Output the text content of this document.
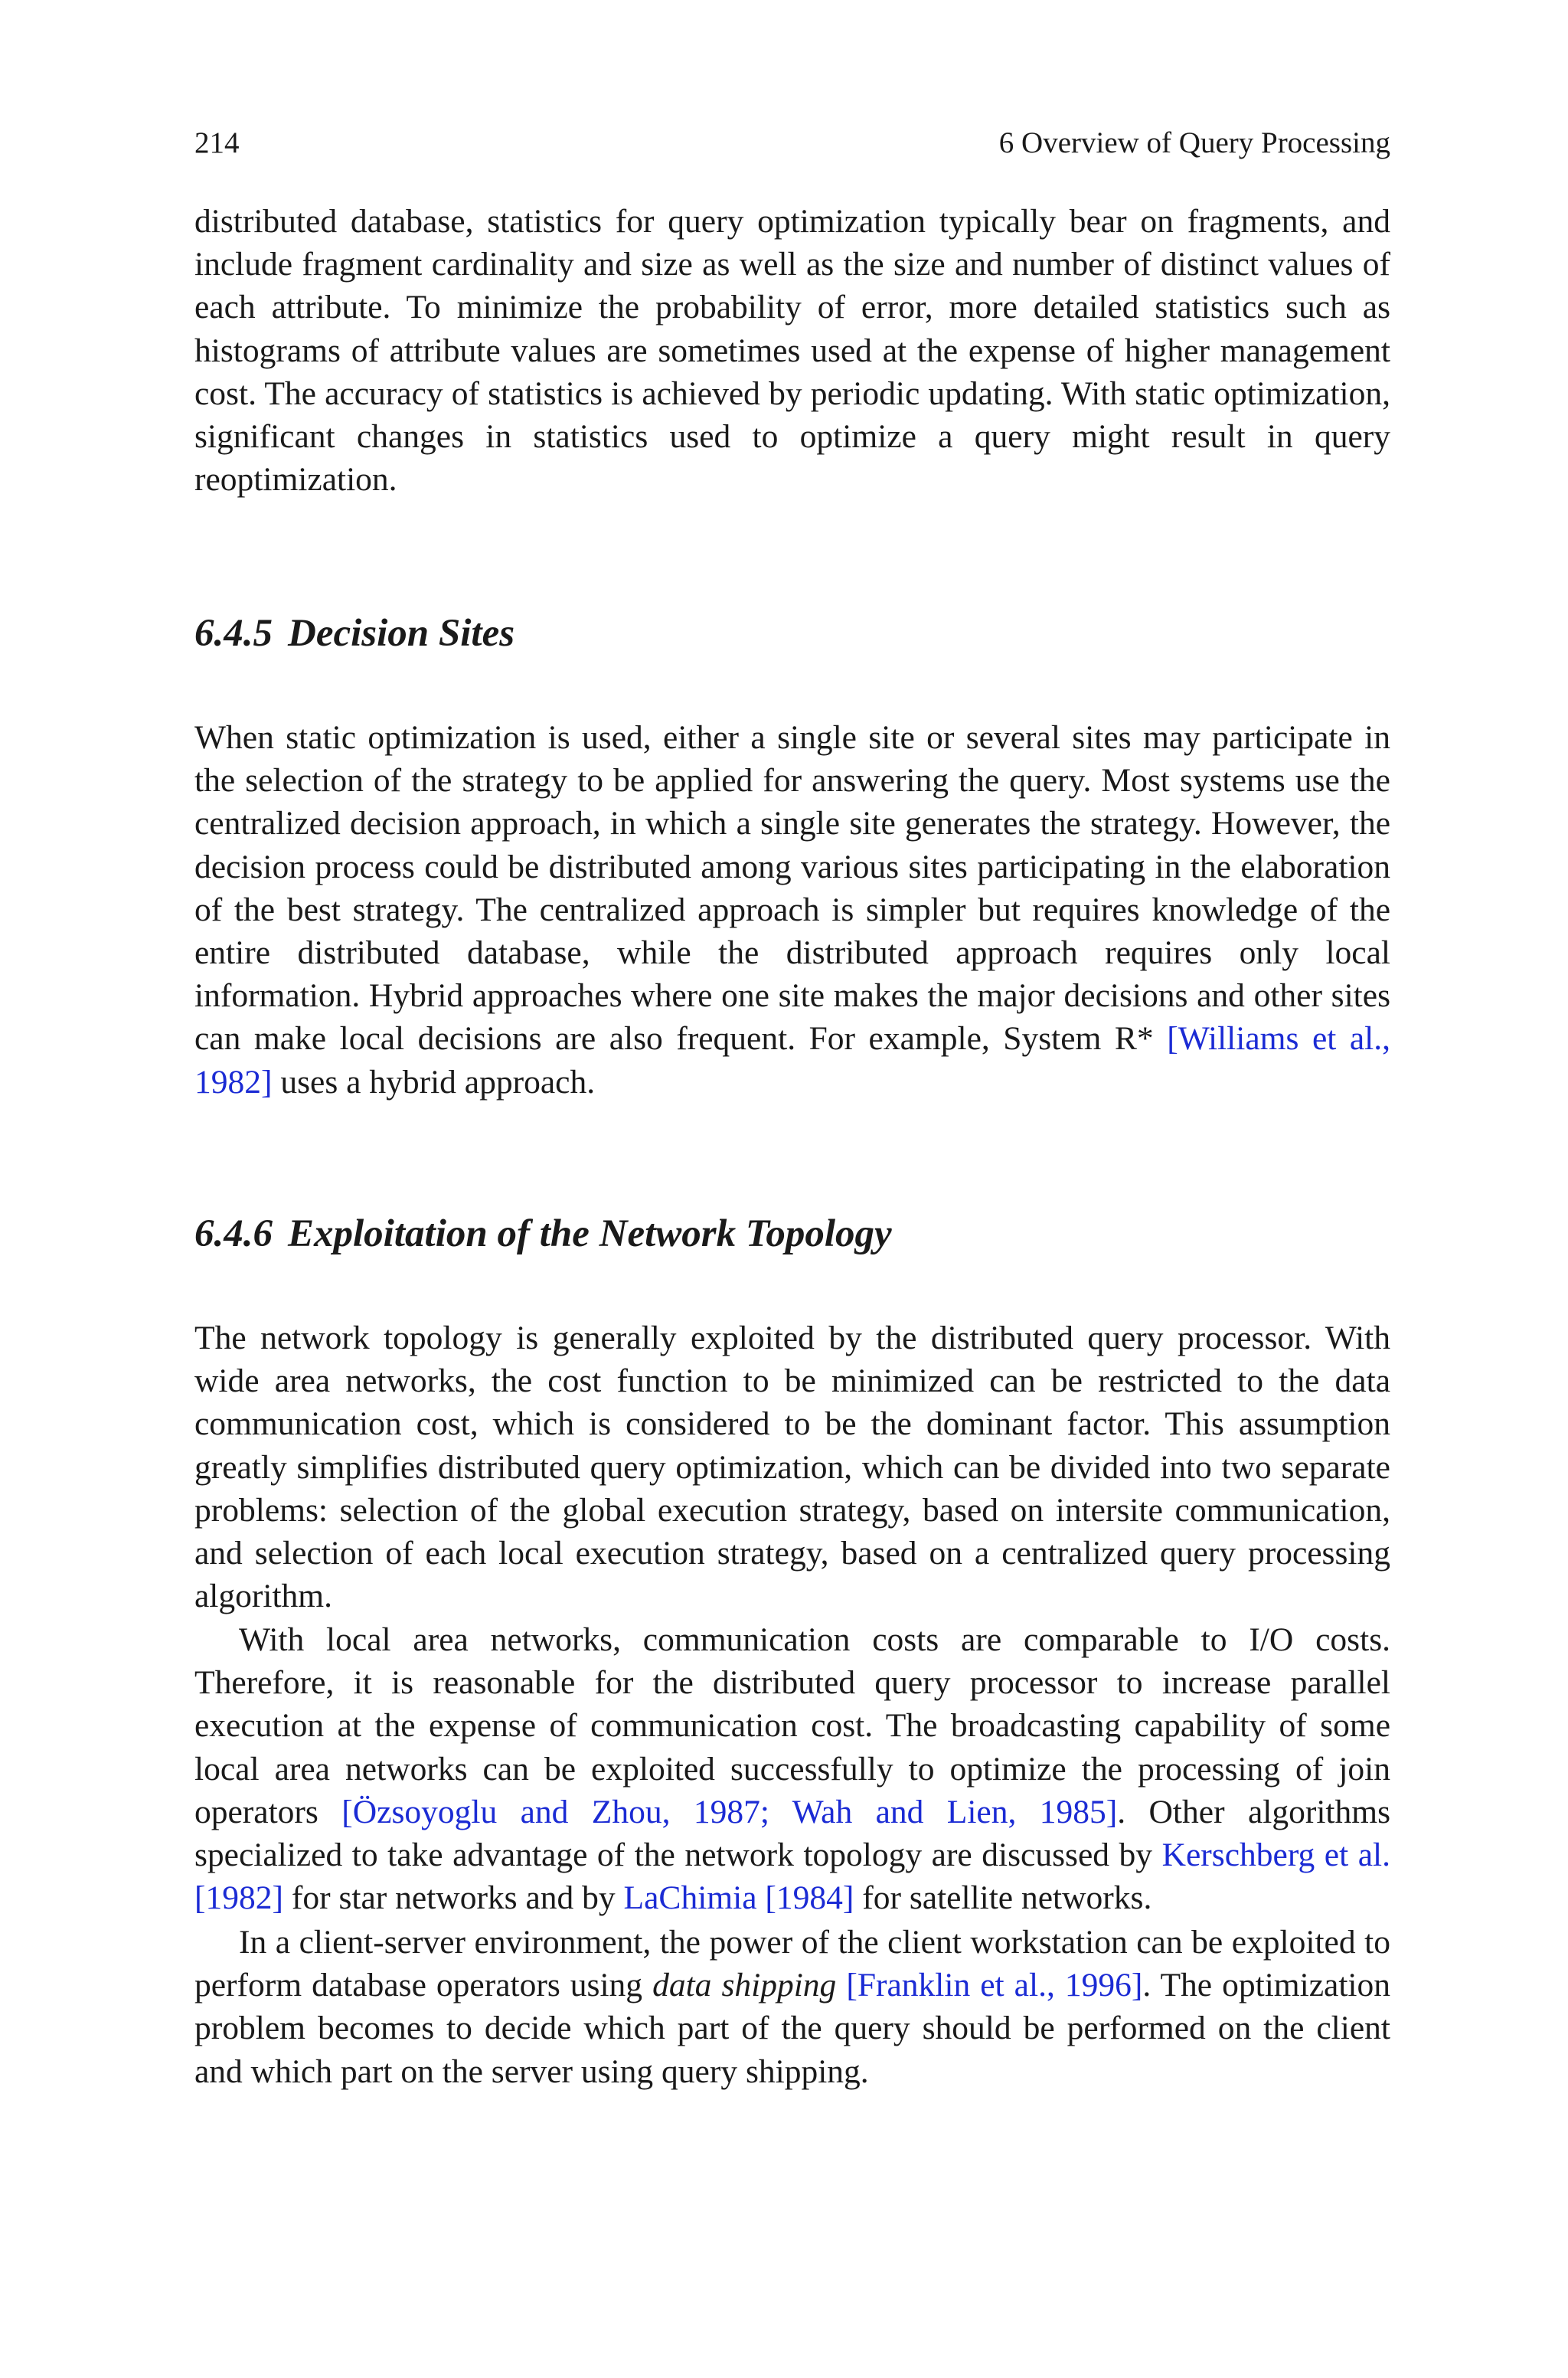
214	6 Overview of Query Processing

distributed database, statistics for query optimization typically bear on fragments, and include fragment cardinality and size as well as the size and number of distinct values of each attribute. To minimize the probability of error, more detailed statistics such as histograms of attribute values are sometimes used at the expense of higher management cost. The accuracy of statistics is achieved by periodic updating. With static optimization, significant changes in statistics used to optimize a query might result in query reoptimization.

6.4.5 Decision Sites

When static optimization is used, either a single site or several sites may participate in the selection of the strategy to be applied for answering the query. Most systems use the centralized decision approach, in which a single site generates the strategy. However, the decision process could be distributed among various sites participating in the elaboration of the best strategy. The centralized approach is simpler but requires knowledge of the entire distributed database, while the distributed approach requires only local information. Hybrid approaches where one site makes the major decisions and other sites can make local decisions are also frequent. For example, System R* [Williams et al., 1982] uses a hybrid approach.

6.4.6 Exploitation of the Network Topology

The network topology is generally exploited by the distributed query processor. With wide area networks, the cost function to be minimized can be restricted to the data communication cost, which is considered to be the dominant factor. This assumption greatly simplifies distributed query optimization, which can be divided into two separate problems: selection of the global execution strategy, based on intersite communication, and selection of each local execution strategy, based on a centralized query processing algorithm.

With local area networks, communication costs are comparable to I/O costs. Therefore, it is reasonable for the distributed query processor to increase parallel execution at the expense of communication cost. The broadcasting capability of some local area networks can be exploited successfully to optimize the processing of join operators [Özsoyoglu and Zhou, 1987; Wah and Lien, 1985]. Other algorithms specialized to take advantage of the network topology are discussed by Kerschberg et al. [1982] for star networks and by LaChimia [1984] for satellite networks.

In a client-server environment, the power of the client workstation can be exploited to perform database operators using data shipping [Franklin et al., 1996]. The optimization problem becomes to decide which part of the query should be performed on the client and which part on the server using query shipping.
